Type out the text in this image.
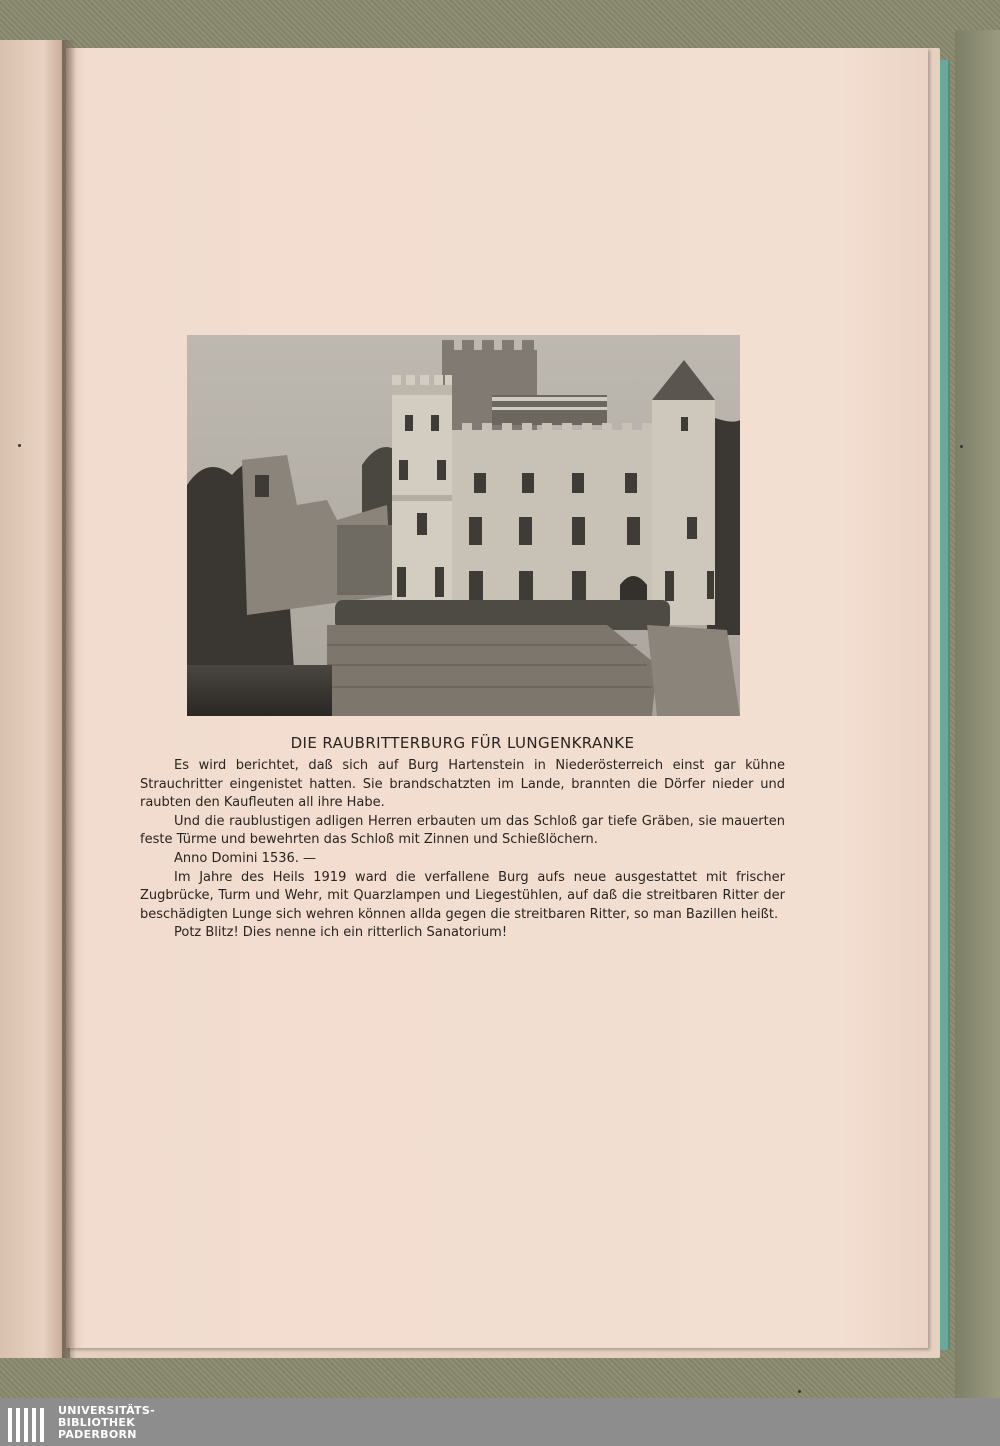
DIE RAUBRITTERBURG FÜR LUNGENKRANKE

Es wird berichtet, daß sich auf Burg Hartenstein in Niederösterreich einst gar kühne Strauchritter eingenistet hatten. Sie brandschatzten im Lande, brannten die Dörfer nieder und raubten den Kaufleuten all ihre Habe.

Und die raublustigen adligen Herren erbauten um das Schloß gar tiefe Gräben, sie mauerten feste Türme und bewehrten das Schloß mit Zinnen und Schießlöchern.

Anno Domini 1536. —

Im Jahre des Heils 1919 ward die verfallene Burg aufs neue ausgestattet mit frischer Zugbrücke, Turm und Wehr, mit Quarzlampen und Liegestühlen, auf daß die streitbaren Ritter der beschädigten Lunge sich wehren können allda gegen die streitbaren Ritter, so man Bazillen heißt.

Potz Blitz! Dies nenne ich ein ritterlich Sanatorium!

UNIVERSITÄTS-
BIBLIOTHEK
PADERBORN
